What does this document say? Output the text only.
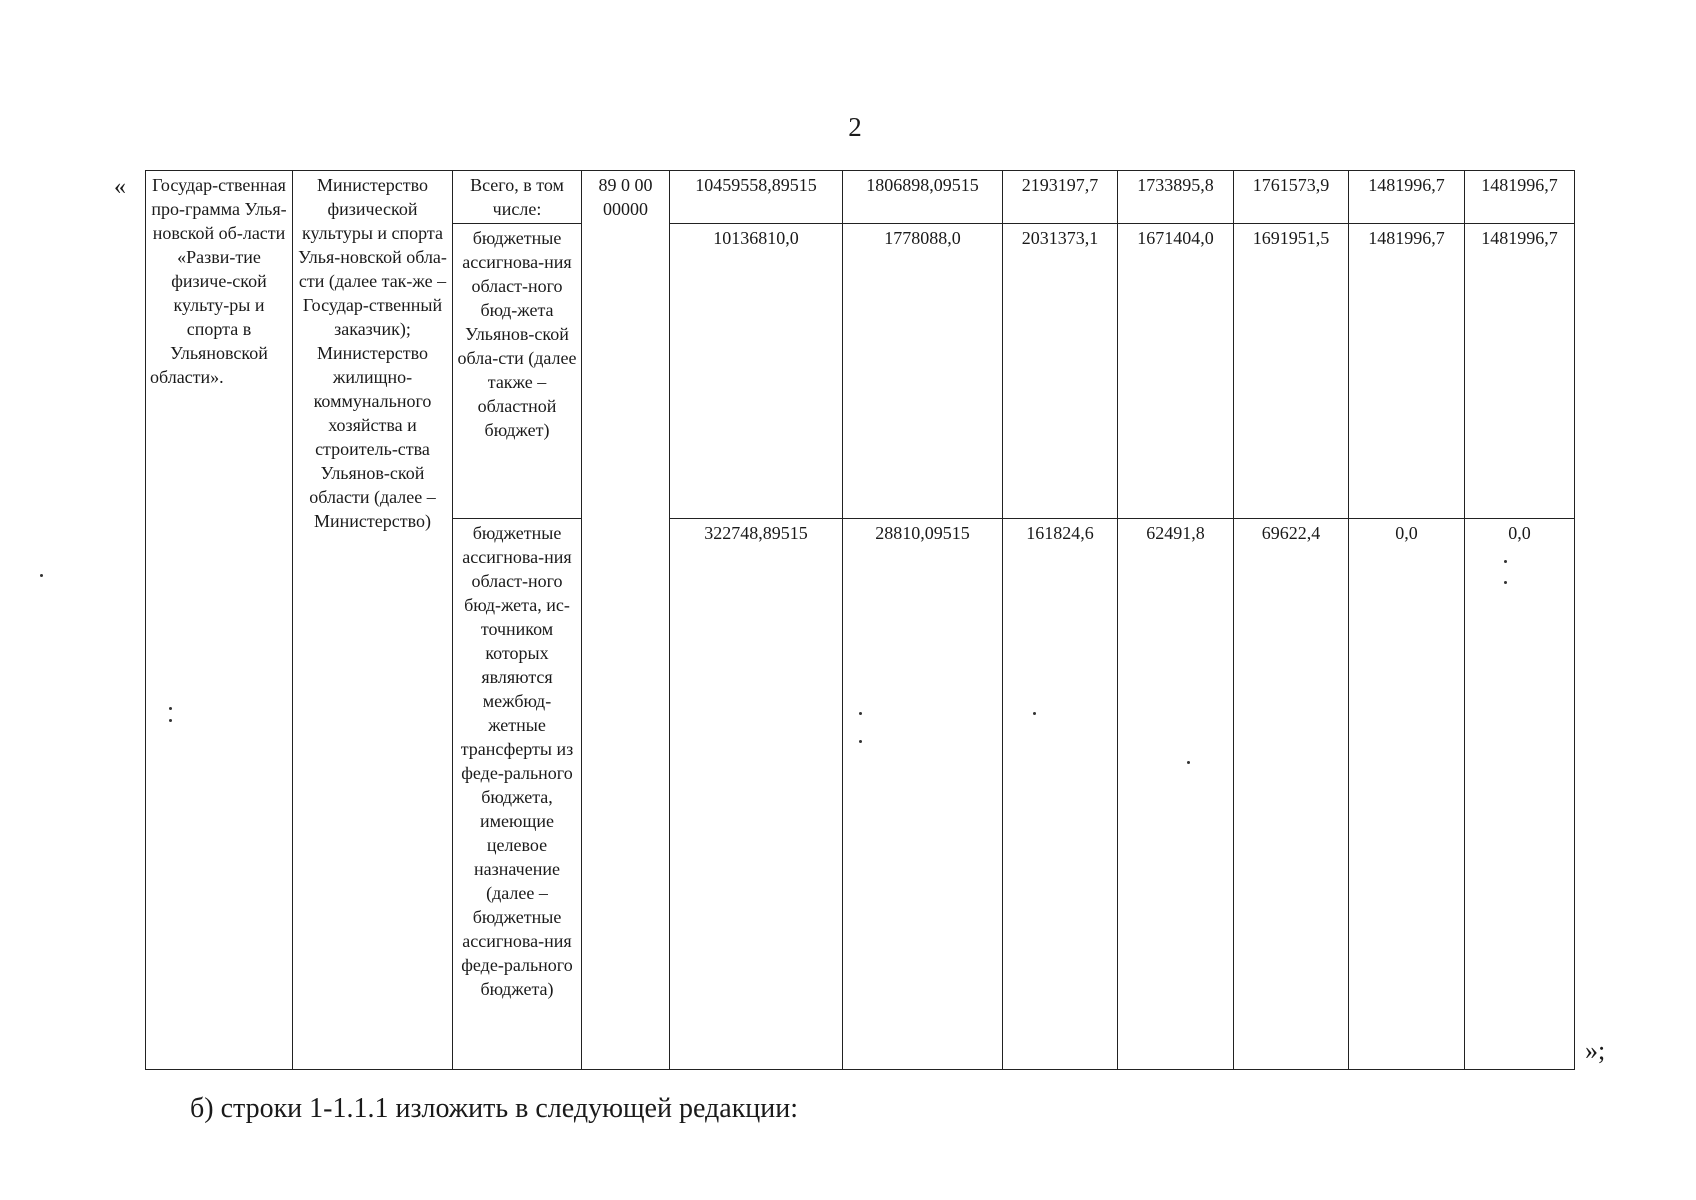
2
« Государ-ственная про-грамма Улья-новской об-ласти «Разви-тие физиче-ской культу-ры и спорта в Ульяновской области».	Министерство физической культуры и спорта Улья-новской обла-сти (далее так-же – Государ-ственный заказчик); Министерство жилищно-коммунального хозяйства и строитель-ства Ульянов-ской области (далее – Министерство)	Всего, в том числе:	89 0 00 00000	10459558,89515	1806898,09515	2193197,7	1733895,8	1761573,9	1481996,7	1481996,7
		бюджетные ассигнова-ния област-ного бюд-жета Ульянов-ской обла-сти (далее также – областной бюджет)		10136810,0	1778088,0	2031373,1	1671404,0	1691951,5	1481996,7	1481996,7
		бюджетные ассигнова-ния област-ного бюд-жета, ис-точником которых являются межбюд-жетные трансферты из феде-рального бюджета, имеющие целевое назначение (далее – бюджетные ассигнова-ния феде-рального бюджета)		322748,89515	28810,09515	161824,6	62491,8	69622,4	0,0	0,0
»;
б) строки 1-1.1.1 изложить в следующей редакции:
